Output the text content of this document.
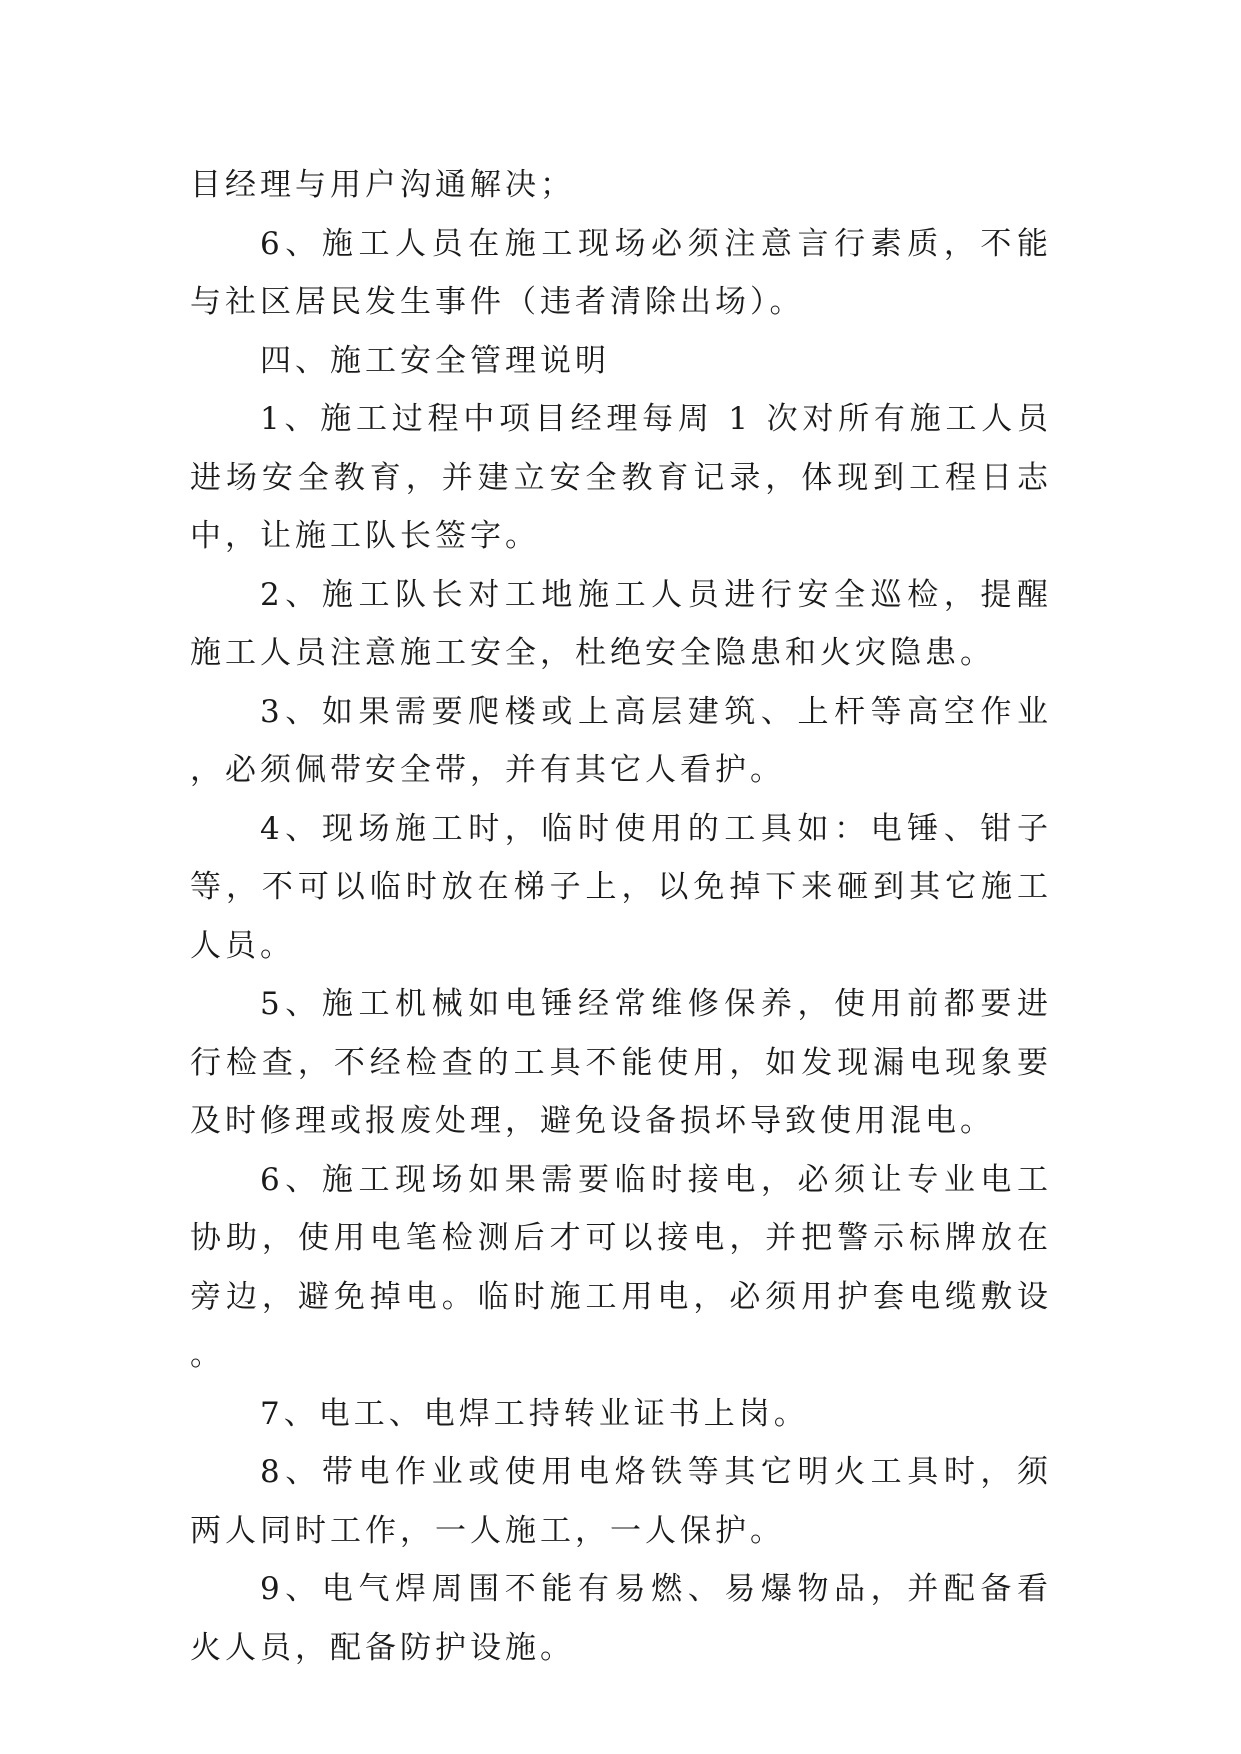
目经理与用户沟通解决；

6、施工人员在施工现场必须注意言行素质，不能与社区居民发生事件（违者清除出场）。

四、施工安全管理说明

1、施工过程中项目经理每周 1 次对所有施工人员进场安全教育，并建立安全教育记录，体现到工程日志中，让施工队长签字。

2、施工队长对工地施工人员进行安全巡检，提醒施工人员注意施工安全，杜绝安全隐患和火灾隐患。

3、如果需要爬楼或上高层建筑、上杆等高空作业，必须佩带安全带，并有其它人看护。

4、现场施工时，临时使用的工具如：电锤、钳子等，不可以临时放在梯子上，以免掉下来砸到其它施工人员。

5、施工机械如电锤经常维修保养，使用前都要进行检查，不经检查的工具不能使用，如发现漏电现象要及时修理或报废处理，避免设备损坏导致使用混电。

6、施工现场如果需要临时接电，必须让专业电工协助，使用电笔检测后才可以接电，并把警示标牌放在旁边，避免掉电。临时施工用电，必须用护套电缆敷设。

7、电工、电焊工持转业证书上岗。

8、带电作业或使用电烙铁等其它明火工具时，须两人同时工作，一人施工，一人保护。

9、电气焊周围不能有易燃、易爆物品，并配备看火人员，配备防护设施。
